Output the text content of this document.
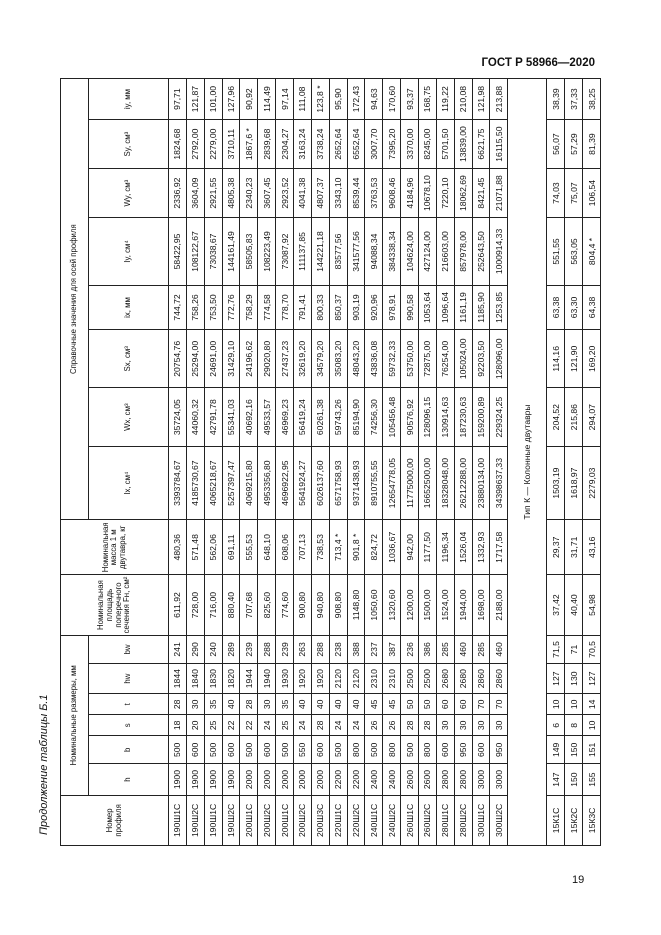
ГОСТ Р 58966—2020
Продолжение таблицы Б.1	Номер профиля	Номинальные размеры, мм						Номинальная площадь поперечного сечения Fн, см²	Номинальная масса 1 м двутавра, кг	Справочные значения для осей профиля							
	h	b	s	t	hw	bw			Ix, см⁴	Wx, см³	Sx, см³	ix, мм	Iy, см⁴	Wy, см³	Sy, см³	iy, мм
190Ш1С	1900	500	18	28	1844	241	611,92	480,36	3393784,67	35724,05	20754,76	744,72	58422,95	2336,92	1824,68	97,71
190Ш2С	1900	600	20	30	1840	290	728,00	571,48	4185730,67	44060,32	25294,00	758,26	108122,67	3604,09	2792,00	121,87
190Ш1С	1900	500	25	35	1830	240	716,00	562,06	4065218,67	42791,78	24691,00	753,50	73038,67	2921,55	2279,00	101,00
190Ш2С	1900	600	22	40	1820	289	880,40	691,11	5257397,47	55341,03	31429,10	772,76	144161,49	4805,38	3710,11	127,96
200Ш1С	2000	500	22	28	1944	239	707,68	555,53	4069215,80	40692,16	24196,62	758,29	58505,83	2340,23	1867,6 *	90,92
200Ш2С	2000	600	24	30	1940	288	825,60	648,10	4953356,80	49533,57	29020,80	774,58	108223,49	3607,45	2839,68	114,49
200Ш1С	2000	500	25	35	1930	239	774,60	608,06	4696922,95	46969,23	27437,23	778,70	73087,92	2923,52	2304,27	97,14
200Ш2С	2000	550	24	40	1920	263	900,80	707,13	5641924,27	56419,24	32619,20	791,41	111137,85	4041,38	3163,24	111,08
200Ш3С	2000	600	28	40	1920	288	940,80	738,53	6026137,60	60261,38	34579,20	800,33	144221,18	4807,37	3738,24	123,8 *
220Ш1С	2200	500	24	40	2120	238	908,80	713,4 *	6571758,93	59743,26	35083,20	850,37	83577,56	3343,10	2652,64	95,90
220Ш2С	2200	800	24	40	2120	388	1148,80	901,8 *	9371438,93	85194,90	48043,20	903,19	341577,56	8539,44	6552,64	172,43
240Ш1С	2400	500	26	45	2310	237	1050,60	824,72	8910755,55	74256,30	43836,08	920,96	94088,34	3763,53	3007,70	94,63
240Ш2С	2400	800	26	45	2310	387	1320,60	1036,67	12654778,05	105456,48	59732,33	978,91	384338,34	9608,46	7395,20	170,60
260Ш1С	2600	500	28	50	2500	236	1200,00	942,00	11775000,00	90576,92	53750,00	990,58	104624,00	4184,96	3370,00	93,37
260Ш2С	2600	800	28	50	2500	386	1500,00	1177,50	16652500,00	128096,15	72875,00	1053,64	427124,00	10678,10	8245,00	168,75
280Ш1С	2800	600	30	60	2680	285	1524,00	1196,34	18328048,00	130914,63	76254,00	1096,64	216603,00	7220,10	5701,50	119,22
280Ш2С	2800	950	30	60	2680	460	1944,00	1526,04	26212288,00	187230,63	105024,00	1161,19	857978,00	18062,69	13839,00	210,08
300Ш1С	3000	600	30	70	2860	285	1698,00	1332,93	23880134,00	159200,89	92203,50	1185,90	252643,50	8421,45	6621,75	121,98
300Ш2С	3000	950	30	70	2860	460	2188,00	1717,58	34398637,33	229324,25	128096,00	1253,85	1000914,33	21071,88	16115,50	213,88
Тип К — Колонные двутавры																
15К1С	147	149	6	10	127	71,5	37,42	29,37	1503,19	204,52	114,16	63,38	551,55	74,03	56,07	38,39
15К2С	150	150	8	10	130	71	40,40	31,71	1618,97	215,86	121,90	63,30	563,05	75,07	57,29	37,33
15К3С	155	151	10	14	127	70,5	54,98	43,16	2279,03	294,07	169,20	64,38	804,4 *	106,54	81,39	38,25
19
